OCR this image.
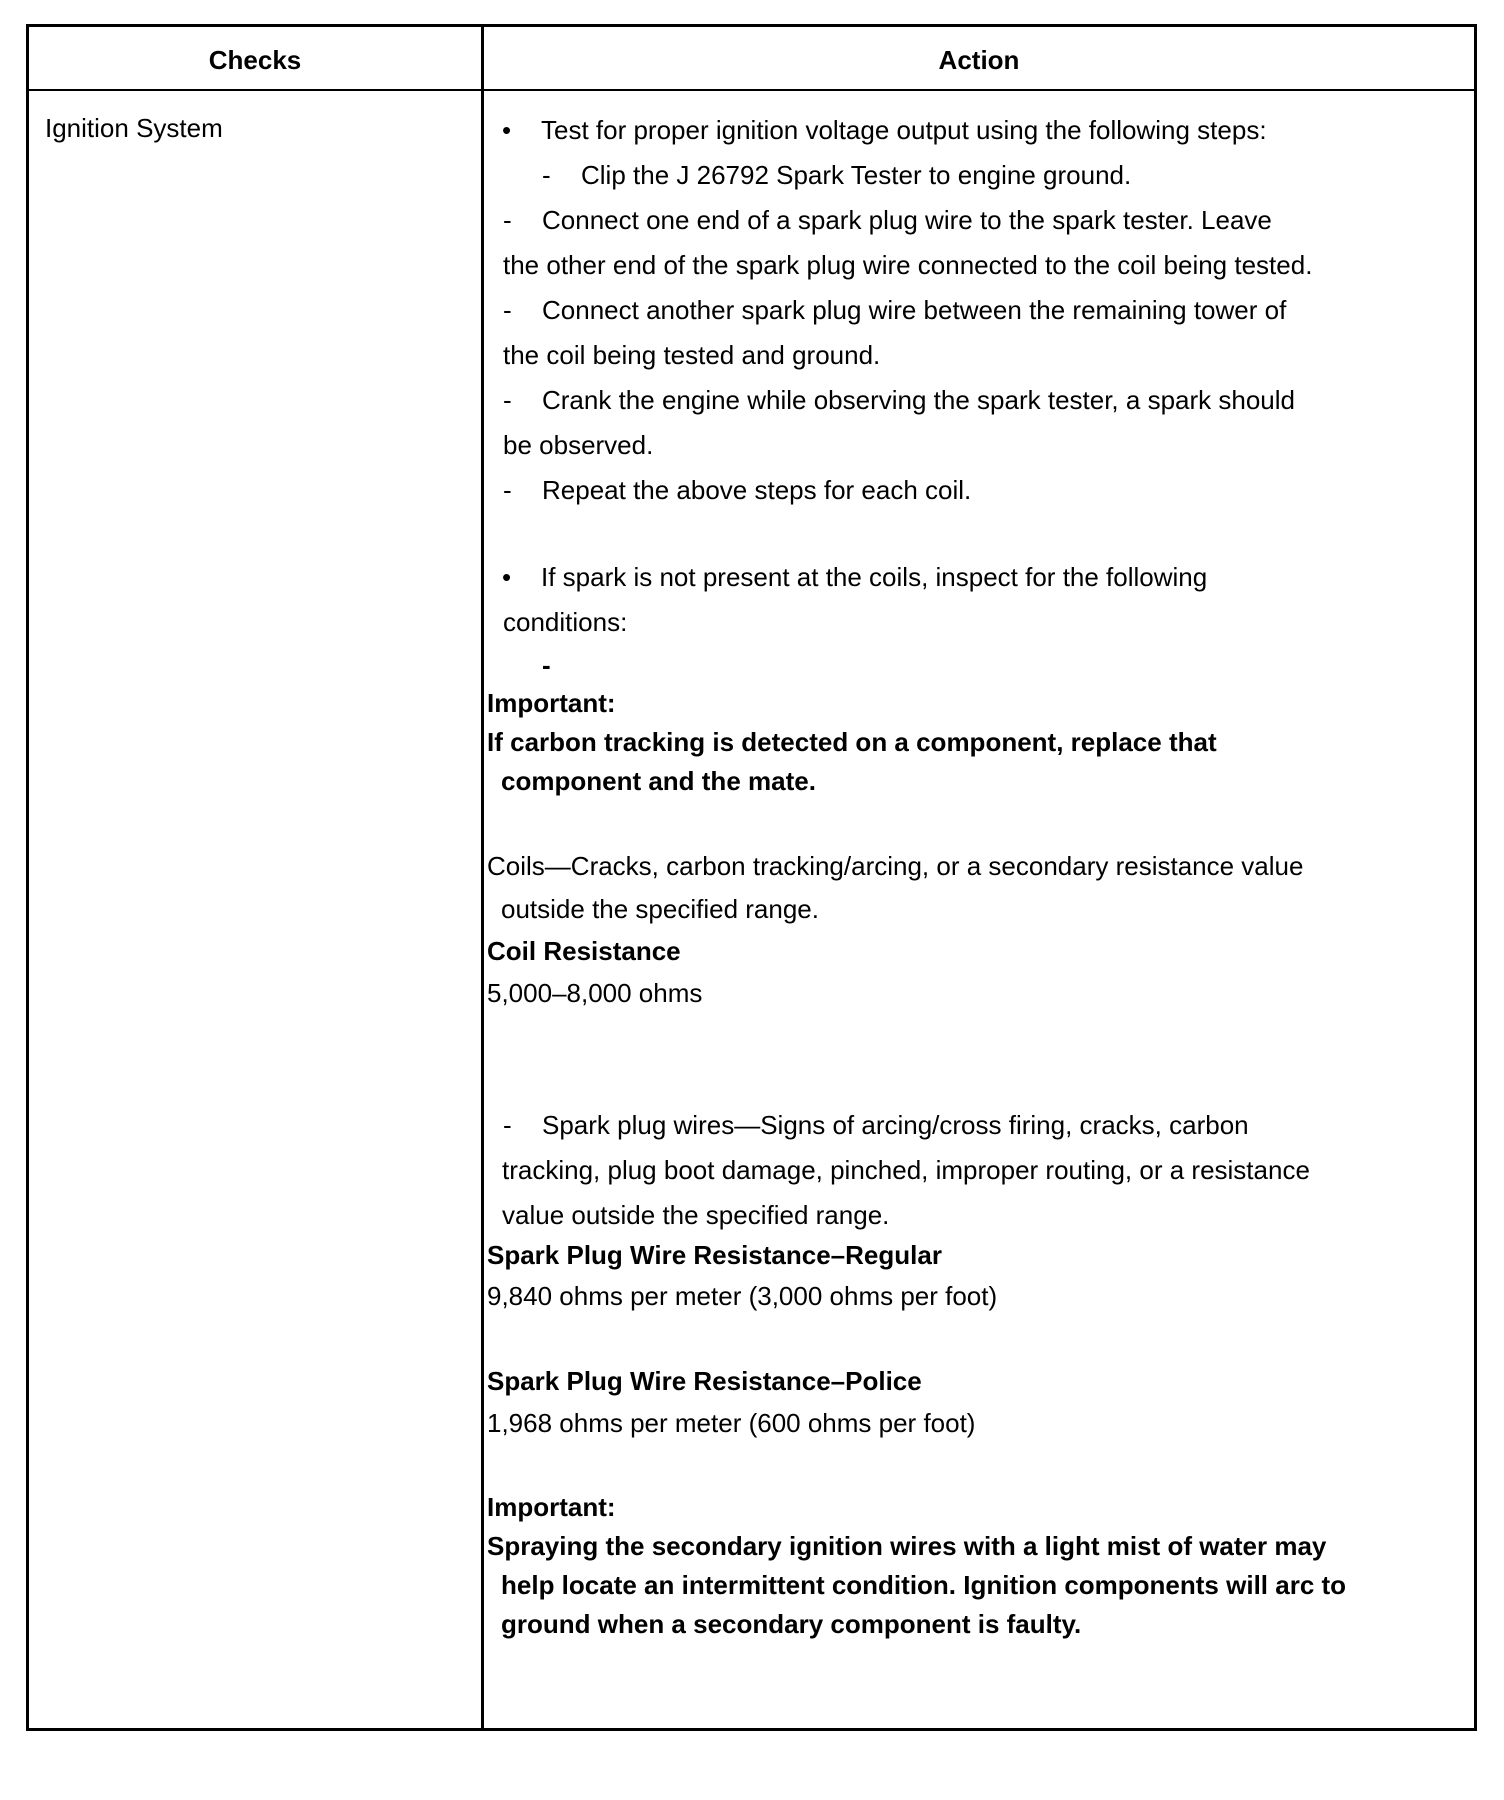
Checks	Action
Ignition System	• Test for proper ignition voltage output using the following steps:
- Clip the J 26792 Spark Tester to engine ground.
- Connect one end of a spark plug wire to the spark tester. Leave
the other end of the spark plug wire connected to the coil being tested.
- Connect another spark plug wire between the remaining tower of
the coil being tested and ground.
- Crank the engine while observing the spark tester, a spark should
be observed.
- Repeat the above steps for each coil.
• If spark is not present at the coils, inspect for the following
conditions:
-
Important:
If carbon tracking is detected on a component, replace that
component and the mate.
Coils—Cracks, carbon tracking/arcing, or a secondary resistance value
outside the specified range.
Coil Resistance
5,000–8,000 ohms
- Spark plug wires—Signs of arcing/cross firing, cracks, carbon
tracking, plug boot damage, pinched, improper routing, or a resistance
value outside the specified range.
Spark Plug Wire Resistance–Regular
9,840 ohms per meter (3,000 ohms per foot)
Spark Plug Wire Resistance–Police
1,968 ohms per meter (600 ohms per foot)
Important:
Spraying the secondary ignition wires with a light mist of water may
help locate an intermittent condition. Ignition components will arc to
ground when a secondary component is faulty.
